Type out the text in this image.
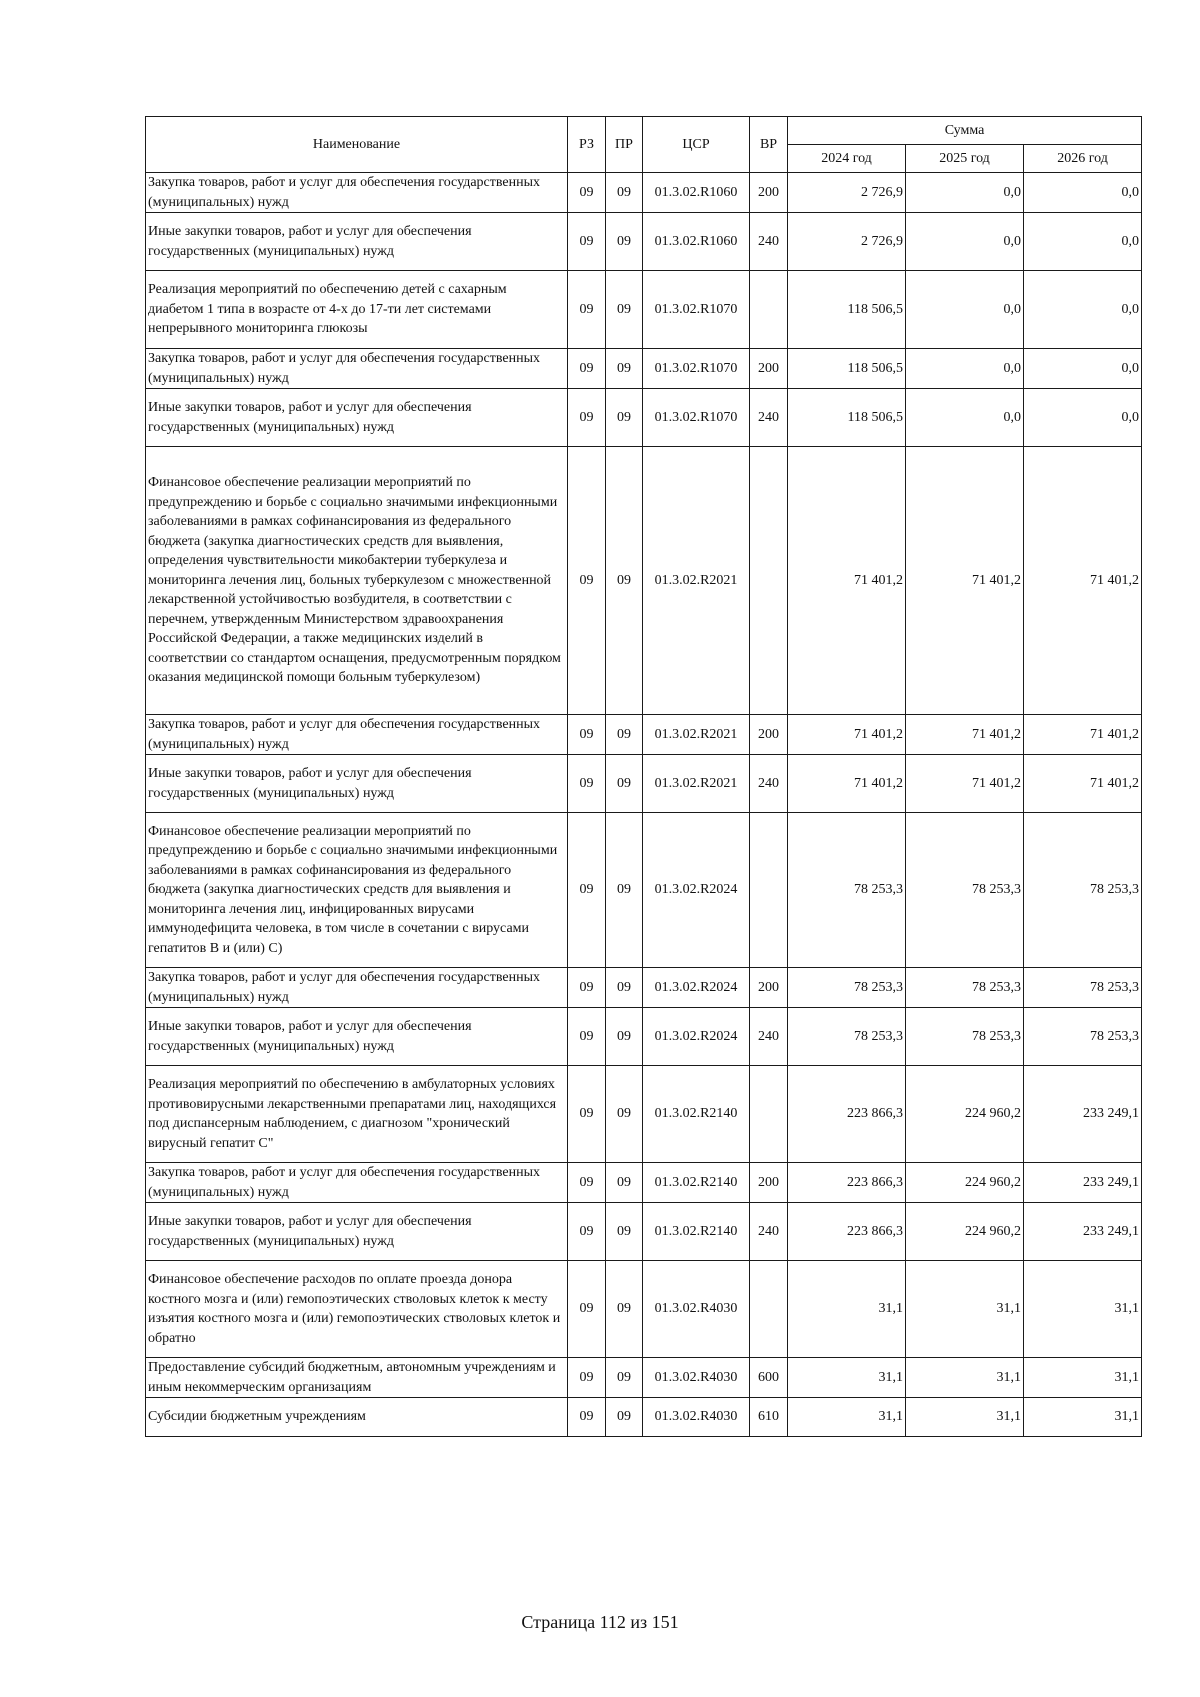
Наименование	РЗ	ПР	ЦСР	ВР	Сумма		
					2024 год	2025 год	2026 год
Закупка товаров, работ и услуг для обеспечения государственных (муниципальных) нужд	09	09	01.3.02.R1060	200	2 726,9	0,0	0,0
Иные закупки товаров, работ и услуг для обеспечения государственных (муниципальных) нужд	09	09	01.3.02.R1060	240	2 726,9	0,0	0,0
Реализация мероприятий по обеспечению детей с сахарным диабетом 1 типа в возрасте от 4-х до 17-ти лет системами непрерывного мониторинга глюкозы	09	09	01.3.02.R1070		118 506,5	0,0	0,0
Закупка товаров, работ и услуг для обеспечения государственных (муниципальных) нужд	09	09	01.3.02.R1070	200	118 506,5	0,0	0,0
Иные закупки товаров, работ и услуг для обеспечения государственных (муниципальных) нужд	09	09	01.3.02.R1070	240	118 506,5	0,0	0,0
Финансовое обеспечение реализации мероприятий по предупреждению и борьбе с социально значимыми инфекционными заболеваниями в рамках софинансирования из федерального бюджета (закупка диагностических средств для выявления, определения чувствительности микобактерии туберкулеза и мониторинга лечения лиц, больных туберкулезом с множественной лекарственной устойчивостью возбудителя, в соответствии с перечнем, утвержденным Министерством здравоохранения Российской Федерации, а также медицинских изделий в соответствии со стандартом оснащения, предусмотренным порядком оказания медицинской помощи больным туберкулезом)	09	09	01.3.02.R2021		71 401,2	71 401,2	71 401,2
Закупка товаров, работ и услуг для обеспечения государственных (муниципальных) нужд	09	09	01.3.02.R2021	200	71 401,2	71 401,2	71 401,2
Иные закупки товаров, работ и услуг для обеспечения государственных (муниципальных) нужд	09	09	01.3.02.R2021	240	71 401,2	71 401,2	71 401,2
Финансовое обеспечение реализации мероприятий по предупреждению и борьбе с социально значимыми инфекционными заболеваниями в рамках софинансирования из федерального бюджета (закупка диагностических средств для выявления и мониторинга лечения лиц, инфицированных вирусами иммунодефицита человека, в том числе в сочетании с вирусами гепатитов В и (или) С)	09	09	01.3.02.R2024		78 253,3	78 253,3	78 253,3
Закупка товаров, работ и услуг для обеспечения государственных (муниципальных) нужд	09	09	01.3.02.R2024	200	78 253,3	78 253,3	78 253,3
Иные закупки товаров, работ и услуг для обеспечения государственных (муниципальных) нужд	09	09	01.3.02.R2024	240	78 253,3	78 253,3	78 253,3
Реализация мероприятий по обеспечению в амбулаторных условиях противовирусными лекарственными препаратами лиц, находящихся под диспансерным наблюдением, с диагнозом "хронический вирусный гепатит С"	09	09	01.3.02.R2140		223 866,3	224 960,2	233 249,1
Закупка товаров, работ и услуг для обеспечения государственных (муниципальных) нужд	09	09	01.3.02.R2140	200	223 866,3	224 960,2	233 249,1
Иные закупки товаров, работ и услуг для обеспечения государственных (муниципальных) нужд	09	09	01.3.02.R2140	240	223 866,3	224 960,2	233 249,1
Финансовое обеспечение расходов по оплате проезда донора костного мозга и (или) гемопоэтических стволовых клеток к месту изъятия костного мозга и (или) гемопоэтических стволовых клеток и обратно	09	09	01.3.02.R4030		31,1	31,1	31,1
Предоставление субсидий бюджетным, автономным учреждениям и иным некоммерческим организациям	09	09	01.3.02.R4030	600	31,1	31,1	31,1
Субсидии бюджетным учреждениям	09	09	01.3.02.R4030	610	31,1	31,1	31,1
Страница 112 из 151
